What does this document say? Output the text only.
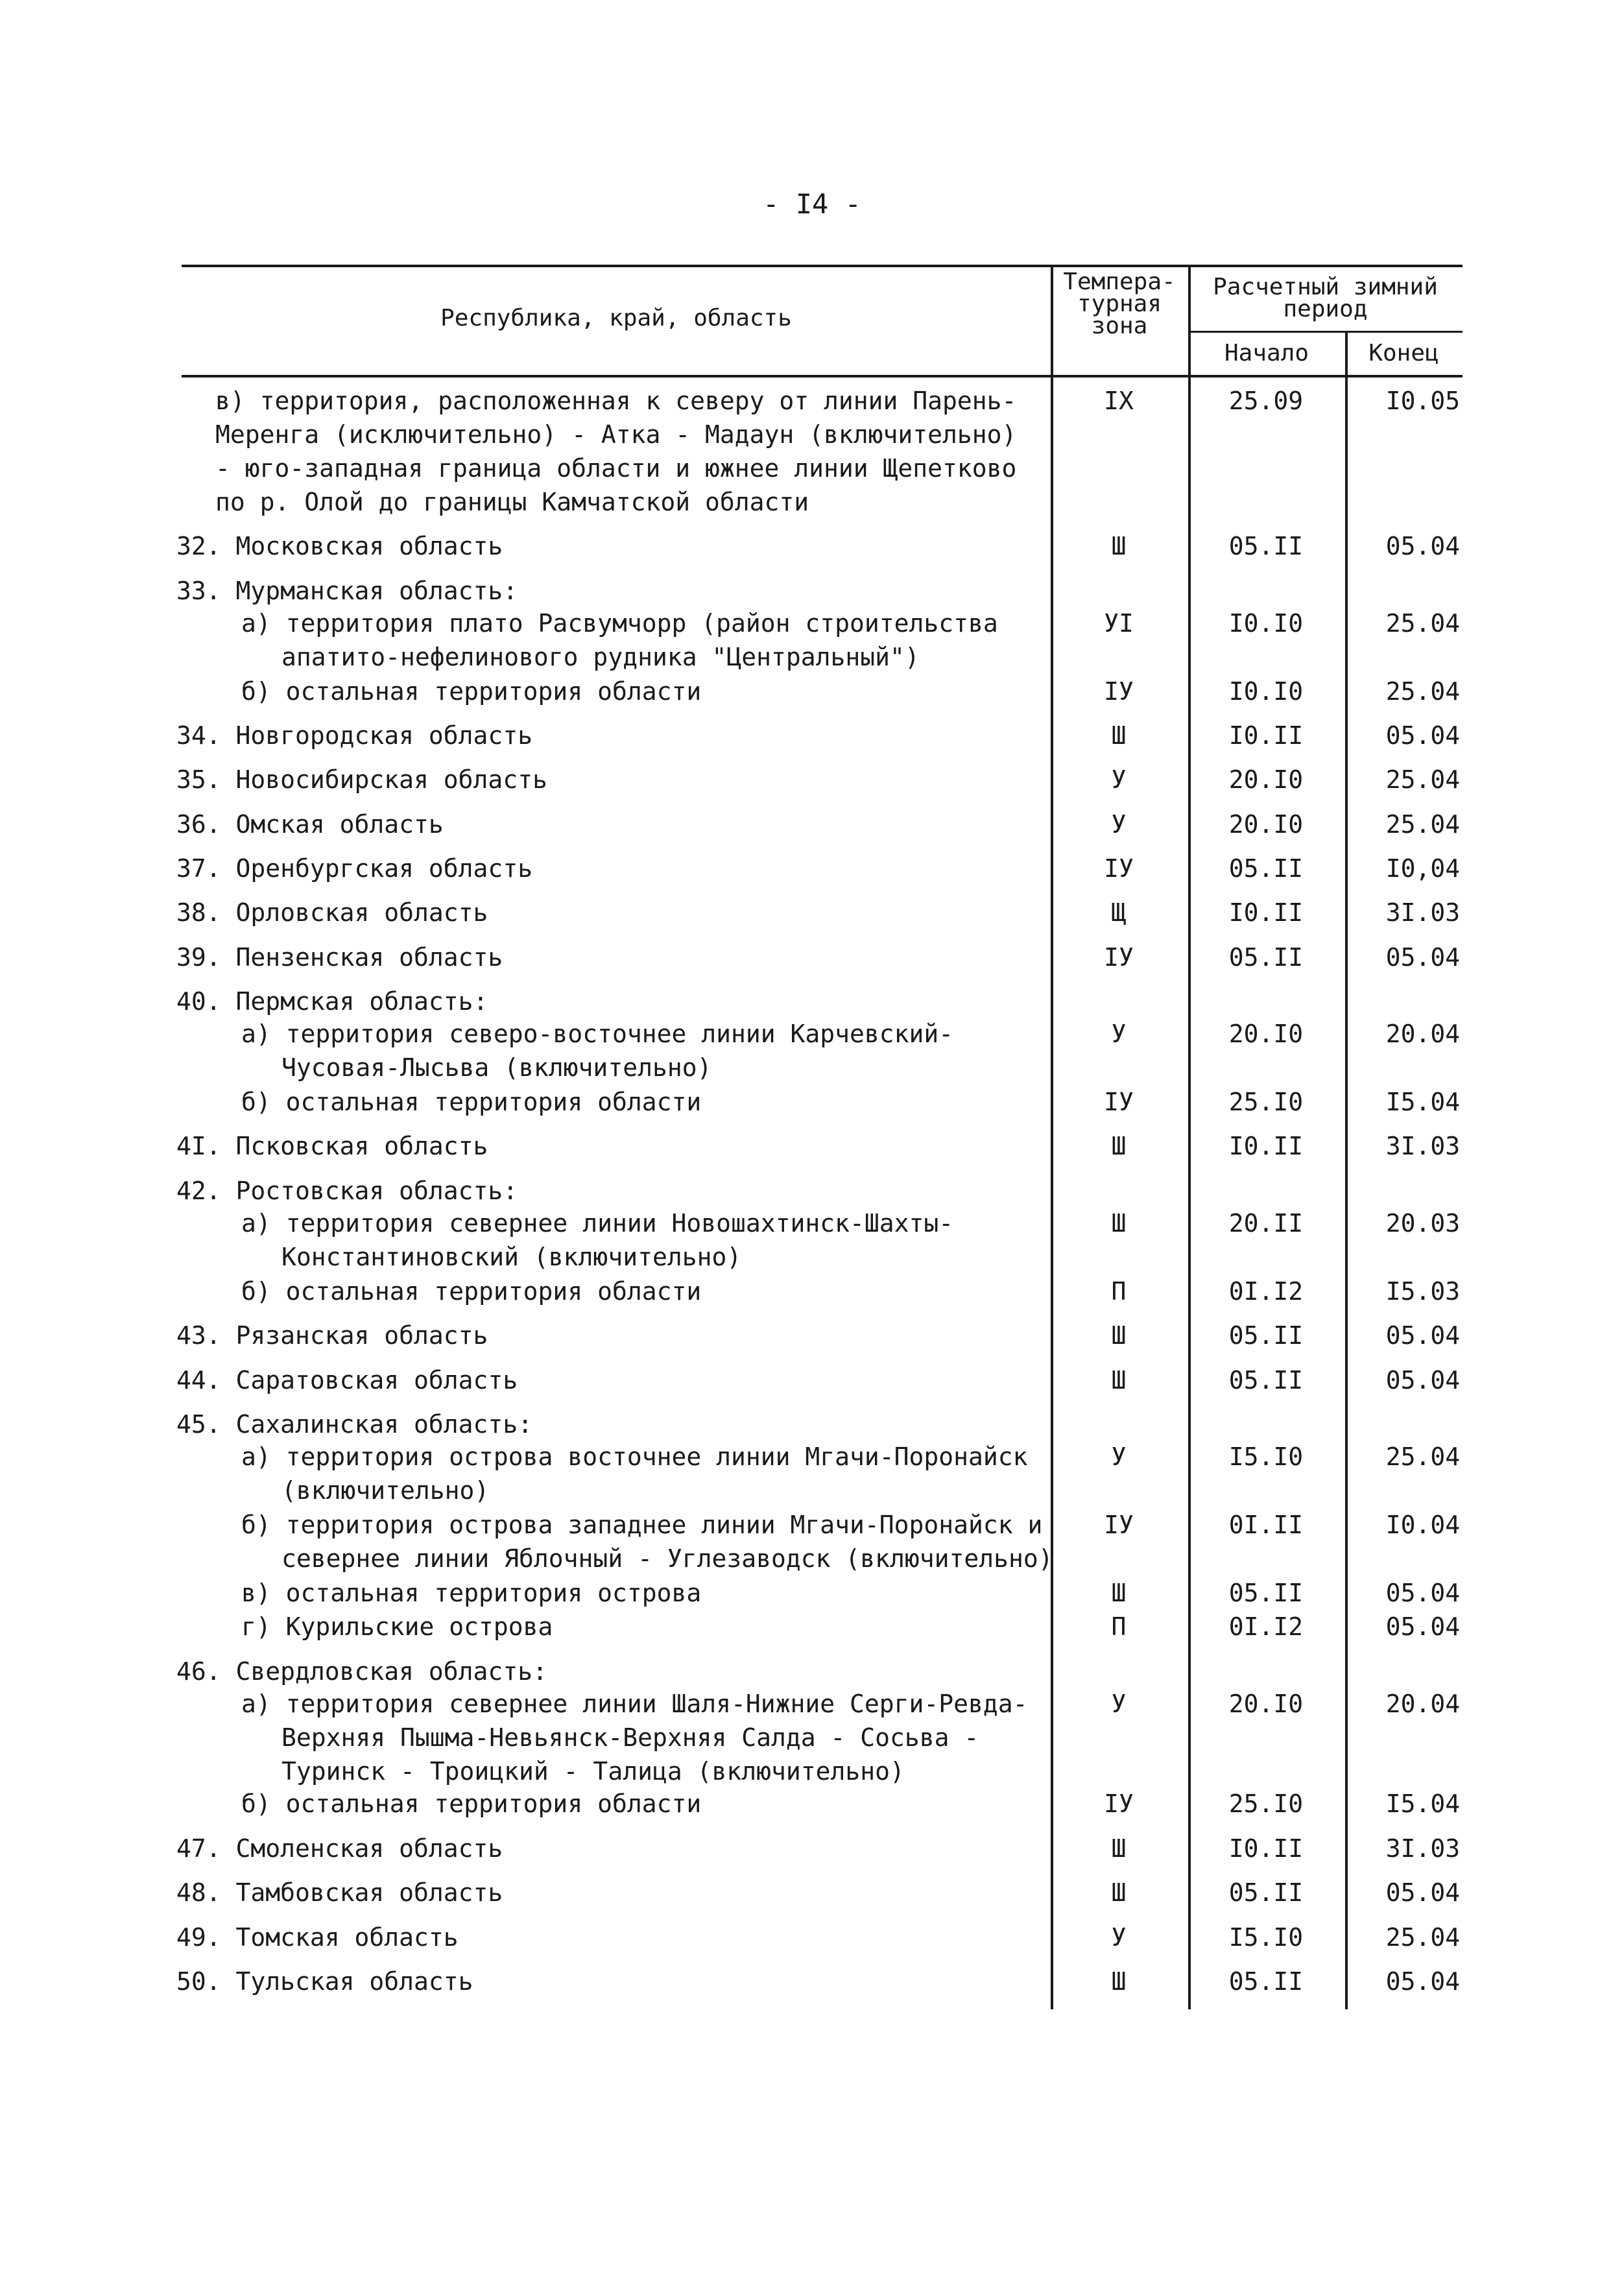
- I4 -
Республика, край, область
Темпера-
турная
зона
Расчетный зимний
период
Начало	Конец
в) территория, расположенная к северу от линии Парень-
Меренга (исключительно) - Атка - Мадаун (включительно)
- юго-западная граница области и южнее линии Щепетково
по р. Олой до границы Камчатской области
IX	25.09	I0.05
32. Московская область	Ш	05.II	05.04
33. Мурманская область:
а) территория плато Расвумчорр (район строительства
апатито-нефелинового рудника "Центральный")
УI	I0.I0	25.04
б) остальная территория области	IУ	I0.I0	25.04
34. Новгородская область	Ш	I0.II	05.04
35. Новосибирская область	У	20.I0	25.04
36. Омская область	У	20.I0	25.04
37. Оренбургская область	IУ	05.II	I0,04
38. Орловская область	Щ	I0.II	3I.03
39. Пензенская область	IУ	05.II	05.04
40. Пермская область:
а) территория северо-восточнее линии Карчевский-
Чусовая-Лысьва (включительно)
У	20.I0	20.04
б) остальная территория области	IУ	25.I0	I5.04
4I. Псковская область	Ш	I0.II	3I.03
42. Ростовская область:
а) территория севернее линии Новошахтинск-Шахты-
Константиновский (включительно)
Ш	20.II	20.03
б) остальная территория области	П	0I.I2	I5.03
43. Рязанская область	Ш	05.II	05.04
44. Саратовская область	Ш	05.II	05.04
45. Сахалинская область:
а) территория острова восточнее линии Мгачи-Поронайск
(включительно)
У	I5.I0	25.04
б) территория острова западнее линии Мгачи-Поронайск и
севернее линии Яблочный - Углезаводск (включительно)
IУ	0I.II	I0.04
в) остальная территория острова	Ш	05.II	05.04
г) Курильские острова	П	0I.I2	05.04
46. Свердловская область:
а) территория севернее линии Шаля-Нижние Серги-Ревда-
Верхняя Пышма-Невьянск-Верхняя Салда - Сосьва -
Туринск - Троицкий - Талица (включительно)
У	20.I0	20.04
б) остальная территория области	IУ	25.I0	I5.04
47. Смоленская область	Ш	I0.II	3I.03
48. Тамбовская область	Ш	05.II	05.04
49. Томская область	У	I5.I0	25.04
50. Тульская область	Ш	05.II	05.04
